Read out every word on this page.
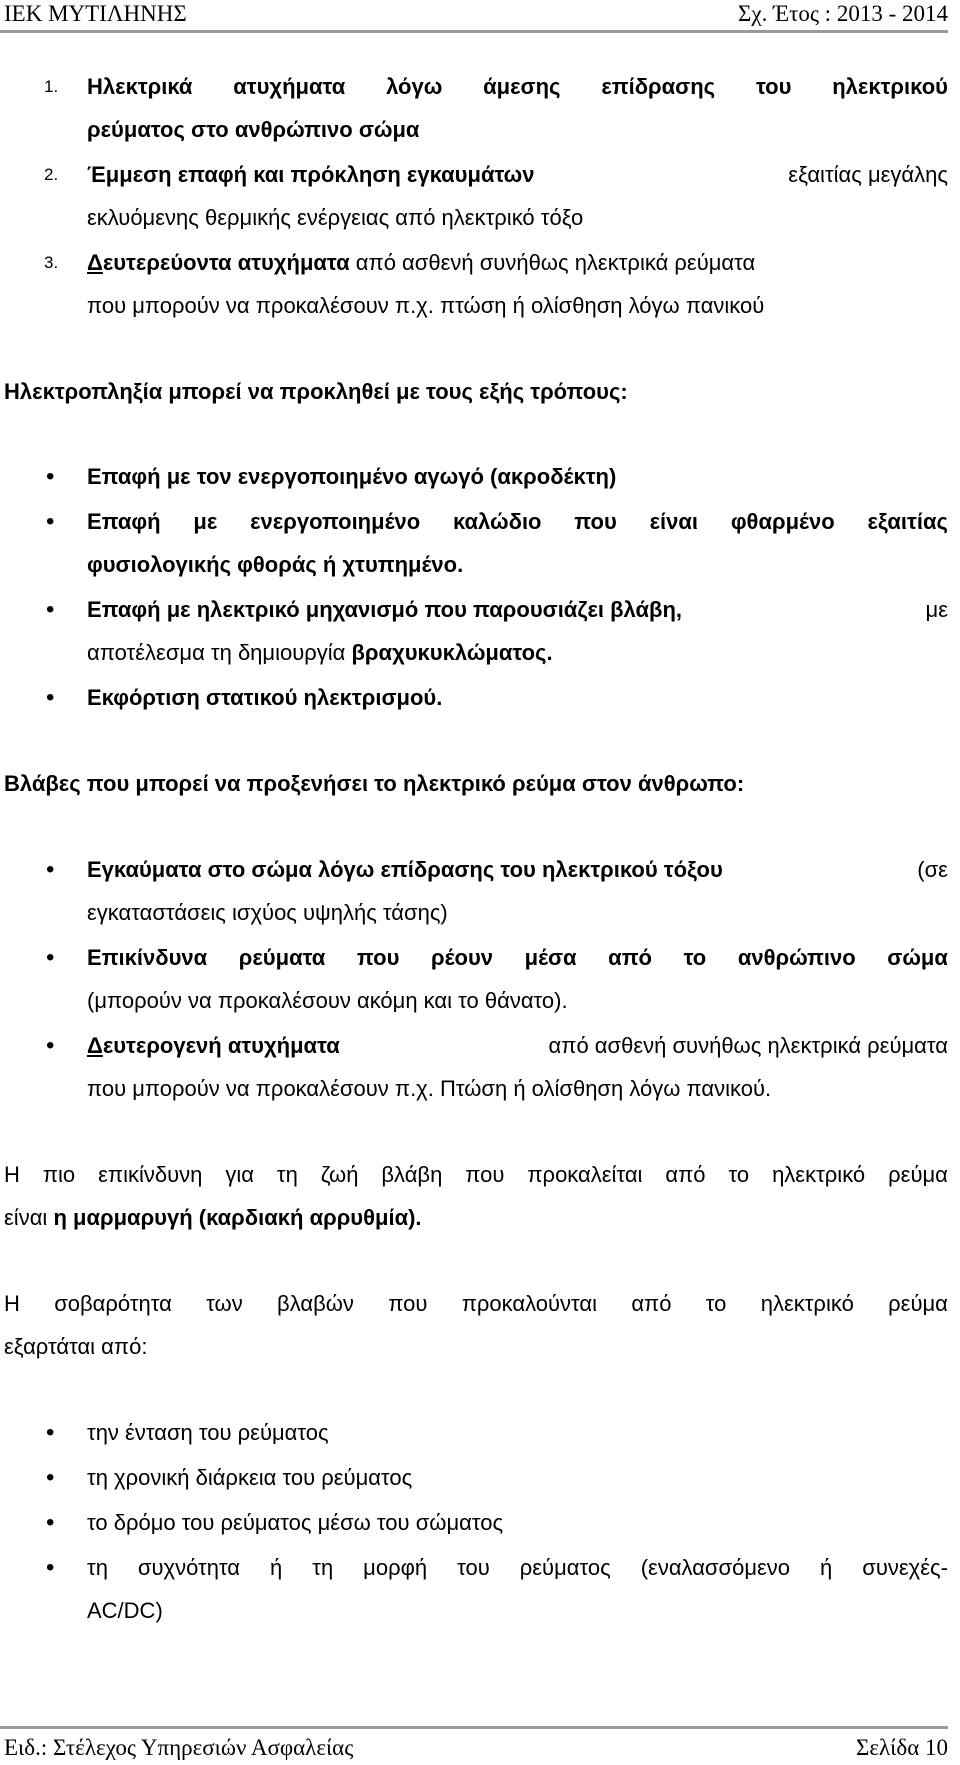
ΙΕΚ ΜΥΤΙΛΗΝΗΣ	Σχ. Έτος : 2013 - 2014
1. Ηλεκτρικά ατυχήματα λόγω άμεσης επίδρασης του ηλεκτρικού
ρεύματος στο ανθρώπινο σώμα
2. Έμμεση επαφή και πρόκληση εγκαυμάτων	εξαιτίας μεγάλης
εκλυόμενης θερμικής ενέργειας από ηλεκτρικό τόξο
3. Δευτερεύοντα ατυχήματα από ασθενή συνήθως ηλεκτρικά ρεύματα
που μπορούν να προκαλέσουν π.χ. πτώση ή ολίσθηση λόγω πανικού
Ηλεκτροπληξία μπορεί να προκληθεί με τους εξής τρόπους:
• Επαφή με τον ενεργοποιημένο αγωγό (ακροδέκτη)
• Επαφή με ενεργοποιημένο καλώδιο που είναι φθαρμένο εξαιτίας
φυσιολογικής φθοράς ή χτυπημένο.
• Επαφή με ηλεκτρικό μηχανισμό που παρουσιάζει βλάβη,	με
αποτέλεσμα τη δημιουργία βραχυκυκλώματος.
• Εκφόρτιση στατικού ηλεκτρισμού.
Βλάβες που μπορεί να προξενήσει το ηλεκτρικό ρεύμα στον άνθρωπο:
• Εγκαύματα στο σώμα λόγω επίδρασης του ηλεκτρικού τόξου	(σε
εγκαταστάσεις ισχύος υψηλής τάσης)
• Επικίνδυνα ρεύματα που ρέουν μέσα από το ανθρώπινο σώμα
(μπορούν να προκαλέσουν ακόμη και το θάνατο).
• Δευτερογενή ατυχήματα	από ασθενή συνήθως ηλεκτρικά ρεύματα
που μπορούν να προκαλέσουν π.χ. Πτώση ή ολίσθηση λόγω πανικού.
Η πιο επικίνδυνη για τη ζωή βλάβη που προκαλείται από το ηλεκτρικό ρεύμα
είναι η μαρμαρυγή (καρδιακή αρρυθμία).
Η σοβαρότητα των βλαβών που προκαλούνται από το ηλεκτρικό ρεύμα
εξαρτάται από:
• την ένταση του ρεύματος
• τη χρονική διάρκεια του ρεύματος
• το δρόμο του ρεύματος μέσω του σώματος
• τη συχνότητα ή τη μορφή του ρεύματος (εναλασσόμενο ή συνεχές-
AC/DC)
Ειδ.: Στέλεχος Υπηρεσιών Ασφαλείας	Σελίδα 10
